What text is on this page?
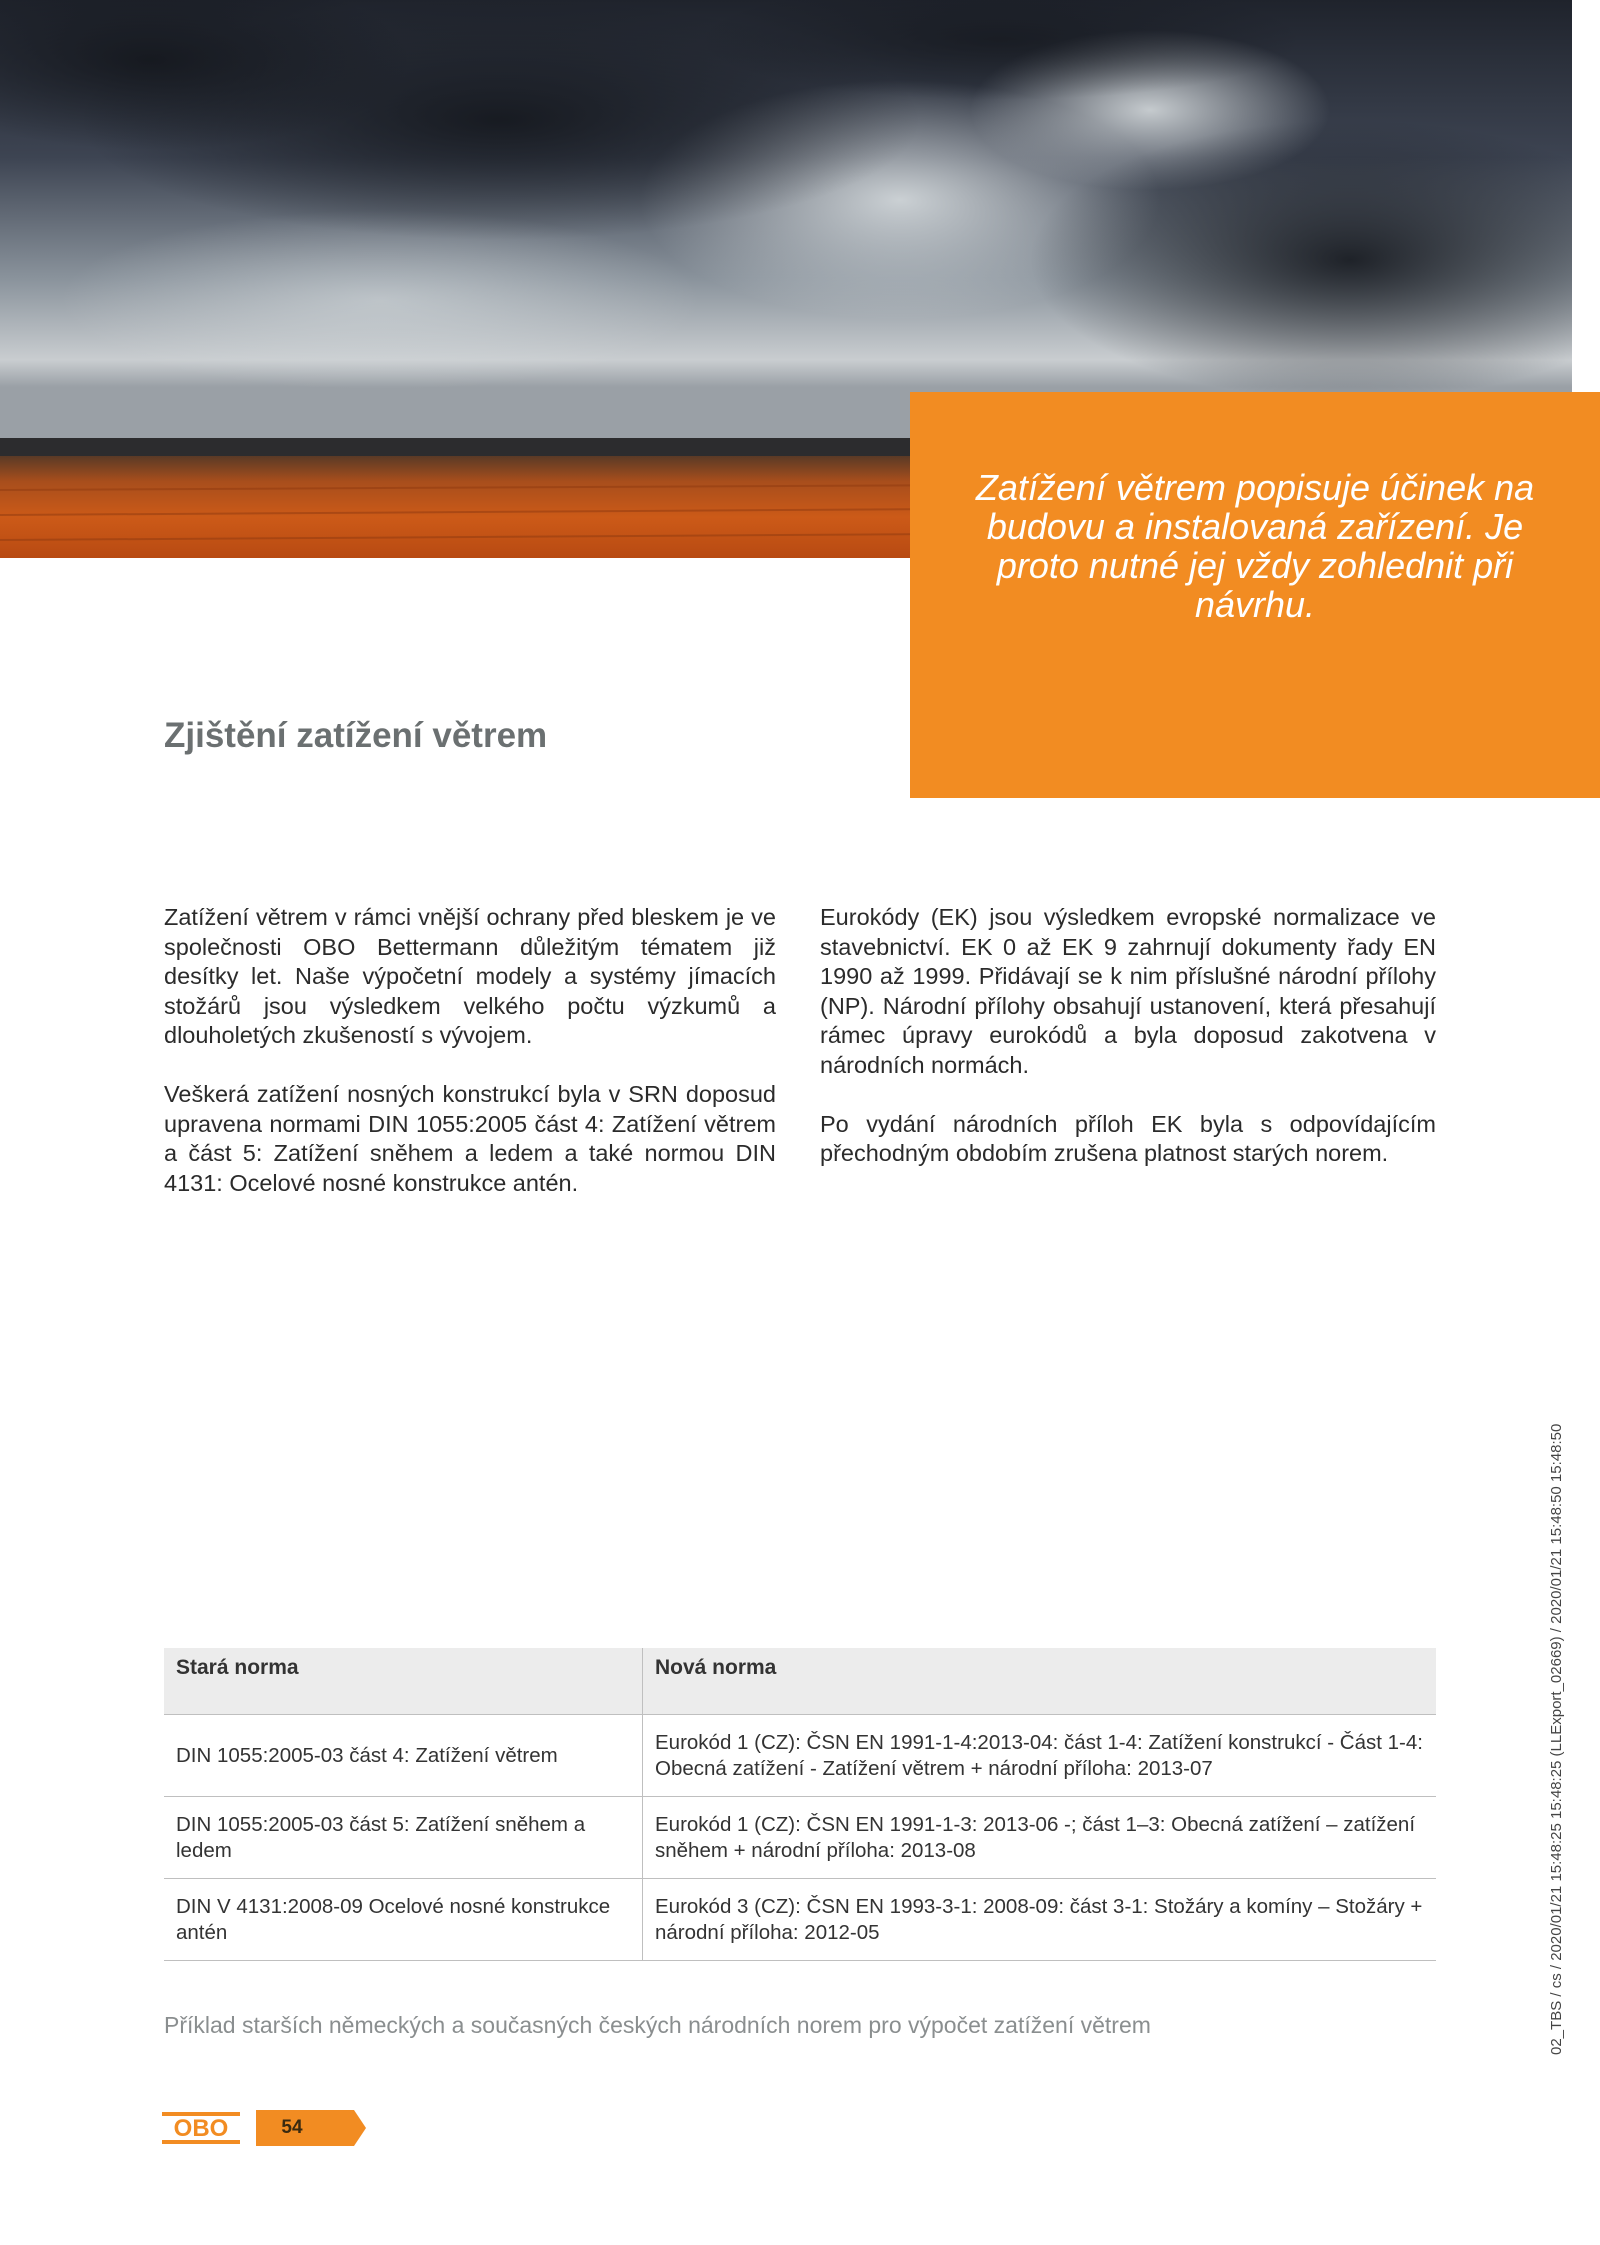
Zatížení větrem popisuje účinek na budovu a instalovaná zařízení. Je proto nutné jej vždy zohlednit při návrhu.
Zjištění zatížení větrem

Zatížení větrem v rámci vnější ochrany před bleskem je ve společnosti OBO Bettermann důležitým tématem již desítky let. Naše výpočetní modely a systémy jímacích stožárů jsou výsledkem velkého počtu výzkumů a dlouholetých zkušeností s vývojem.

Veškerá zatížení nosných konstrukcí byla v SRN doposud upravena normami DIN 1055:2005 část 4: Zatížení větrem a část 5: Zatížení sněhem a ledem a také normou DIN 4131: Ocelové nosné konstrukce antén.

Eurokódy (EK) jsou výsledkem evropské normalizace ve stavebnictví. EK 0 až EK 9 zahrnují dokumenty řady EN 1990 až 1999. Přidávají se k nim příslušné národní přílohy (NP). Národní přílohy obsahují ustanovení, která přesahují rámec úpravy eurokódů a byla doposud zakotvena v národních normách.

Po vydání národních příloh EK byla s odpovídajícím přechodným obdobím zrušena platnost starých norem.

Stará norma	Nová norma
DIN 1055:2005-03 část 4: Zatížení větrem	Eurokód 1 (CZ): ČSN EN 1991-1-4:2013-04: část 1-4: Zatížení konstrukcí - Část 1-4: Obecná zatížení - Zatížení větrem + národní příloha: 2013-07
DIN 1055:2005-03 část 5: Zatížení sněhem a ledem	Eurokód 1 (CZ): ČSN EN 1991-1-3: 2013-06 -; část 1–3: Obecná zatížení – zatížení sněhem + národní příloha: 2013-08
DIN V 4131:2008-09 Ocelové nosné konstrukce antén	Eurokód 3 (CZ): ČSN EN 1993-3-1: 2008-09: část 3-1: Stožáry a komíny – Stožáry + národní příloha: 2012-05

Příklad starších německých a současných českých národních norem pro výpočet zatížení větrem	02_TBS / cs / 2020/01/21 15:48:25 15:48:25 (LLExport_02669) / 2020/01/21 15:48:50 15:48:50
OBO	54
